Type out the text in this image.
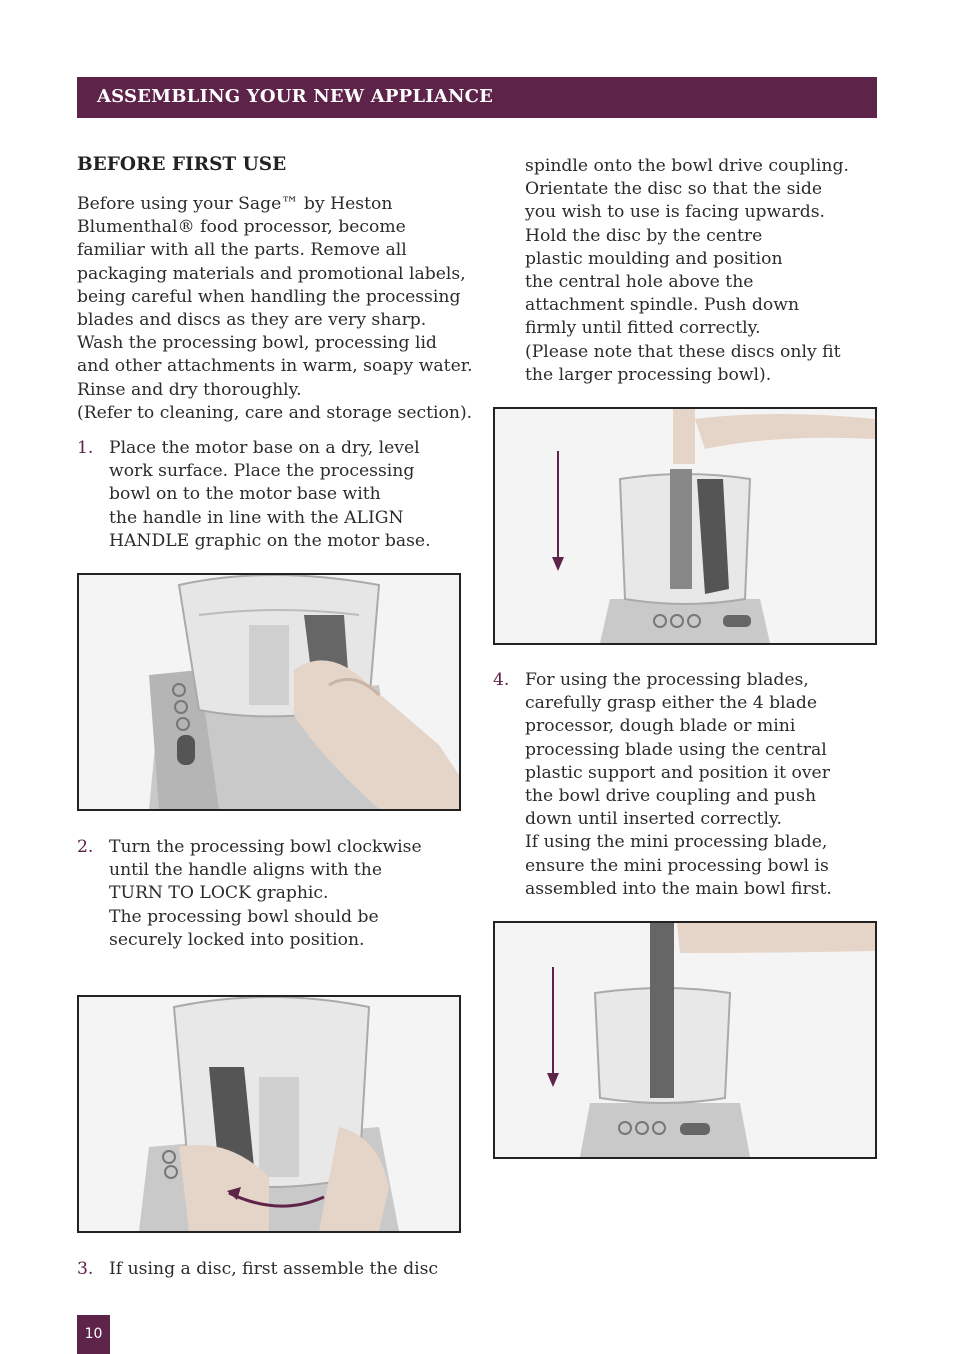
ASSEMBLING YOUR NEW APPLIANCE
BEFORE FIRST USE
Before using your Sage™ by Heston
Blumenthal® food processor, become
familiar with all the parts. Remove all
packaging materials and promotional labels,
being careful when handling the processing
blades and discs as they are very sharp.
Wash the processing bowl, processing lid
and other attachments in warm, soapy water.
Rinse and dry thoroughly.
(Refer to cleaning, care and storage section).
1. Place the motor base on a dry, level
work surface. Place the processing
bowl on to the motor base with
the handle in line with the ALIGN
HANDLE graphic on the motor base.
2. Turn the processing bowl clockwise
until the handle aligns with the
TURN TO LOCK graphic.
The processing bowl should be
securely locked into position.
3. If using a disc, first assemble the disc
spindle onto the bowl drive coupling.
Orientate the disc so that the side
you wish to use is facing upwards.
Hold the disc by the centre
plastic moulding and position
the central hole above the
attachment spindle. Push down
firmly until fitted correctly.
(Please note that these discs only fit
the larger processing bowl).
4. For using the processing blades,
carefully grasp either the 4 blade
processor, dough blade or mini
processing blade using the central
plastic support and position it over
the bowl drive coupling and push
down until inserted correctly.
If using the mini processing blade,
ensure the mini processing bowl is
assembled into the main bowl first.
10
